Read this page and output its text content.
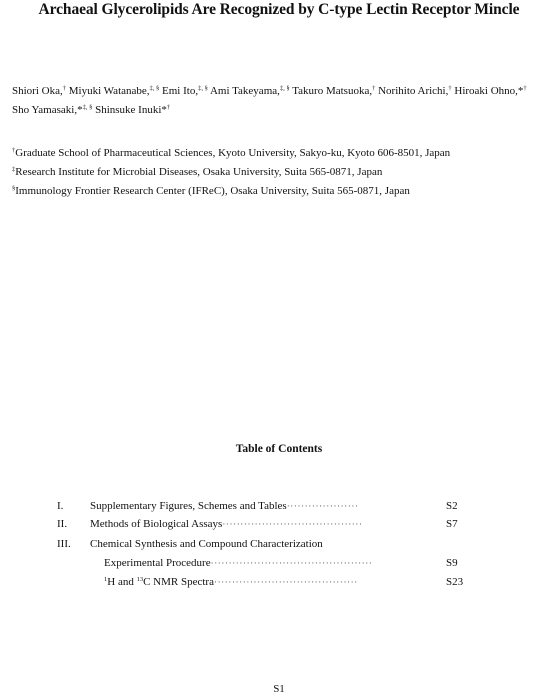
Archaeal Glycerolipids Are Recognized by C-type Lectin Receptor Mincle
Shiori Oka,† Miyuki Watanabe,‡, § Emi Ito,‡, § Ami Takeyama,‡, § Takuro Matsuoka,† Norihito Arichi,† Hiroaki Ohno,*†
Sho Yamasaki,*‡, § Shinsuke Inuki*†
†Graduate School of Pharmaceutical Sciences, Kyoto University, Sakyo-ku, Kyoto 606-8501, Japan
‡Research Institute for Microbial Diseases, Osaka University, Suita 565-0871, Japan
§Immunology Frontier Research Center (IFReC), Osaka University, Suita 565-0871, Japan
Table of Contents
I. Supplementary Figures, Schemes and Tables····················	S2
II. Methods of Biological Assays·······································	S7
III. Chemical Synthesis and Compound Characterization
Experimental Procedure·············································	S9
$^1$H and $^{13}$C NMR Spectra········································	S23
S1
